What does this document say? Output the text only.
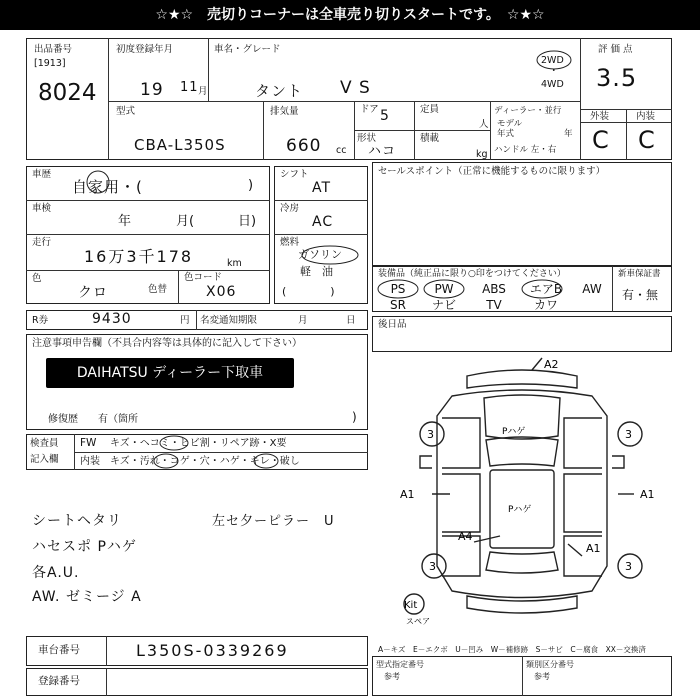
☆★☆　売切りコーナーは全車売り切りスタートです。　☆★☆
出品番号
[1913]
8024
初度登録年月
19 11 月
車名・グレード
タント V S
2WD
・
4WD
評価点
3.5
型式
CBA-L350S
排気量
660 cc
ドア 5	定員
人
形状
ハコ
積載
kg
ディーラー・並行
モデル
年式	年
ハンドル 左・右
外装	内装
C C
車歴
自家用・(	)
車検
年	月(	日)
走行
16万3千178	km
色
クロ	色替
色コード
X06
シフト
AT
冷房
AC
燃料
ガソリン
軽　油
(　　　　)
セールスポイント（正常に機能するものに限ります）
装備品（純正品に限り○印をつけてください）	新車保証書
有・無
PS	PW	ABS	エアB	AW
SR	ナビ	TV	カワ
R券	9430	円 名変通知期限	月	日 後日品
注意事項申告欄（不具合内容等は具体的に記入して下さい）
DAIHATSU ディーラー下取車
修復歴　　有（箇所	)
検査員
記入欄
FW キズ・ヘコミ・ヒビ割・リペア跡・X要
内装 キズ・汚れ・コゲ・穴・ハゲ・キレ・破し
シートヘタリ
ハセスポ Pハゲ
各A.U.
AW. ゼミージ A
左セ夕ーピラー　U
A2
Pハゲ
Pハゲ
A1	A1
A4
A1
3	3
3	3
Kit
スペア
車台番号	L350S-0339269
登録番号
A－キズ　E－エクボ　U－凹み　W－補修跡　S－サビ　C－腐食　XX－交換済
型式指定番号
参考
類別区分番号
参考
